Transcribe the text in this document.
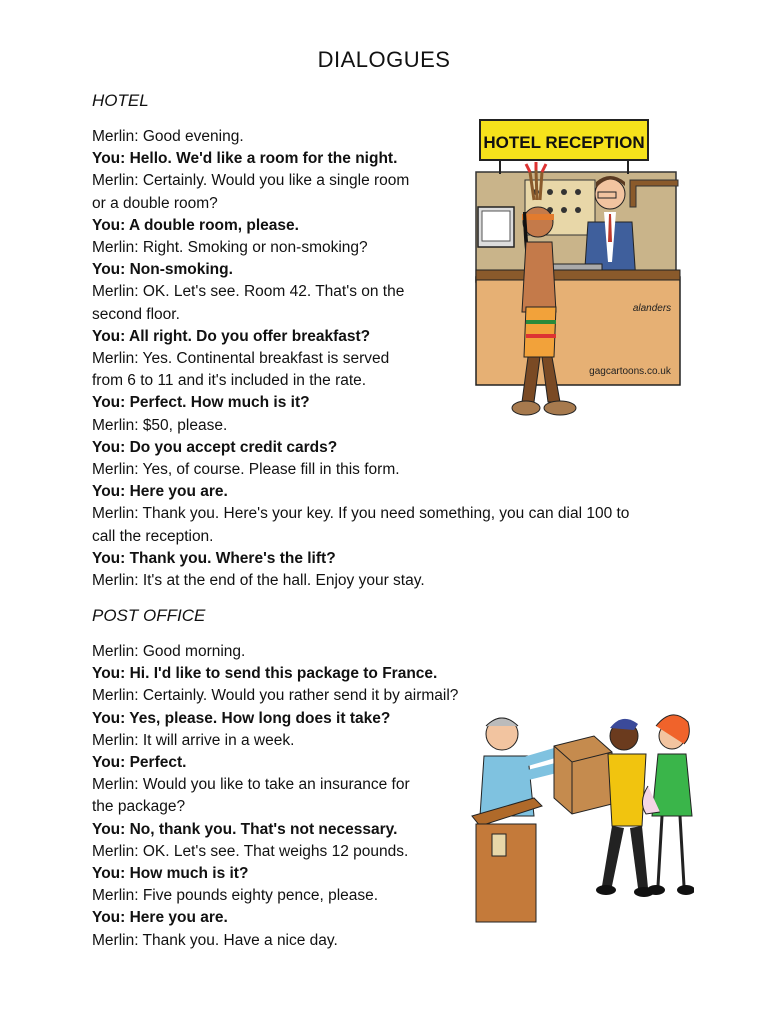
DIALOGUES
HOTEL

Merlin: Good evening.

You: Hello. We'd like a room for the night.

Merlin: Certainly. Would you like a single room

or a double room?

You: A double room, please.

Merlin: Right. Smoking or non-smoking?

You: Non-smoking.

Merlin: OK. Let's see. Room 42. That's on the

second floor.

You: All right. Do you offer breakfast?

Merlin: Yes. Continental breakfast is served

from 6 to 11 and it's included in the rate.

You: Perfect. How much is it?

Merlin: $50, please.

You: Do you accept credit cards?

Merlin: Yes, of course. Please fill in this form.

You: Here you are.

Merlin: Thank you. Here's your key. If you need something, you can dial 100 to

call the reception.

You: Thank you. Where's the lift?

Merlin: It's at the end of the hall. Enjoy your stay.

POST OFFICE

Merlin: Good morning.

You: Hi. I'd like to send this package to France.

Merlin: Certainly. Would you rather send it by airmail?

You: Yes, please. How long does it take?

Merlin: It will arrive in a week.

You: Perfect.

Merlin: Would you like to take an insurance for

the package?

You: No, thank you. That's not necessary.

Merlin: OK. Let's see. That weighs 12 pounds.

You: How much is it?

Merlin: Five pounds eighty pence, please.

You: Here you are.

Merlin: Thank you. Have a nice day.

HOTEL RECEPTION
alanders
gagcartoons.co.uk
